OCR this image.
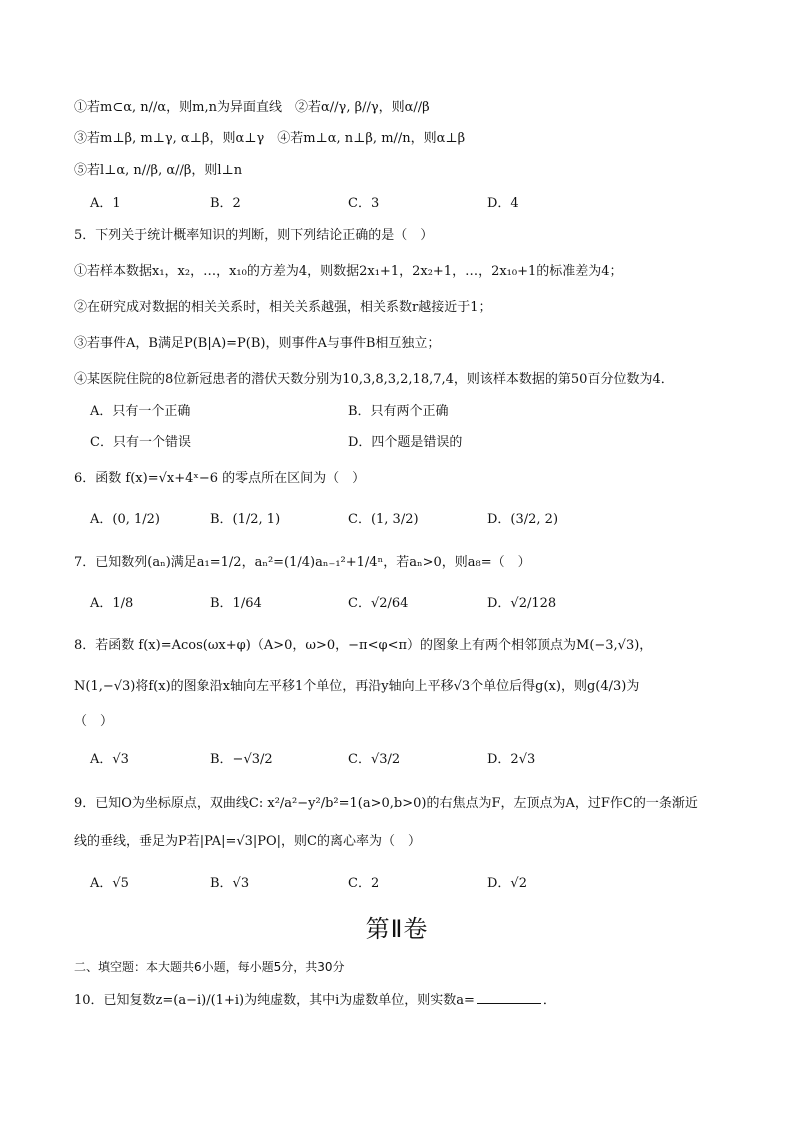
①若m⊂α, n//α，则m,n为异面直线　②若α//γ, β//γ，则α//β
③若m⊥β, m⊥γ, α⊥β，则α⊥γ　④若m⊥α, n⊥β, m//n，则α⊥β
⑤若l⊥α, n//β, α//β，则l⊥n
A．1	B．2	C．3	D．4
5．下列关于统计概率知识的判断，则下列结论正确的是（　）
①若样本数据x₁，x₂，…，x₁₀的方差为4，则数据2x₁+1，2x₂+1，…，2x₁₀+1的标准差为4；
②在研究成对数据的相关关系时，相关关系越强，相关系数r越接近于1；
③若事件A，B满足P(B|A)=P(B)，则事件A与事件B相互独立；
④某医院住院的8位新冠患者的潜伏天数分别为10,3,8,3,2,18,7,4，则该样本数据的第50百分位数为4．
A．只有一个正确	B．只有两个正确
C．只有一个错误	D．四个题是错误的
6．函数 f(x)=√x+4ˣ−6 的零点所在区间为（　）
A．(0, 1/2)	B．(1/2, 1)	C．(1, 3/2)	D．(3/2, 2)
7．已知数列(aₙ)满足a₁=1/2，aₙ²=(1/4)aₙ₋₁²+1/4ⁿ，若aₙ>0，则a₈=（　）
A．1/8	B．1/64	C．√2/64	D．√2/128
8．若函数 f(x)=Acos(ωx+φ)（A>0，ω>0，−π<φ<π）的图象上有两个相邻顶点为M(−3,√3)，
N(1,−√3)将f(x)的图象沿x轴向左平移1个单位，再沿y轴向上平移√3个单位后得g(x)，则g(4/3)为
（　）
A．√3	B．−√3/2	C．√3/2	D．2√3
9．已知O为坐标原点，双曲线C: x²/a²−y²/b²=1(a>0,b>0)的右焦点为F，左顶点为A，过F作C的一条渐近
线的垂线，垂足为P若|PA|=√3|PO|，则C的离心率为（　）
A．√5	B．√3	C．2	D．√2
第Ⅱ卷
二、填空题：本大题共6小题，每小题5分，共30分
10．已知复数z=(a−i)/(1+i)为纯虚数，其中i为虚数单位，则实数a=	．
